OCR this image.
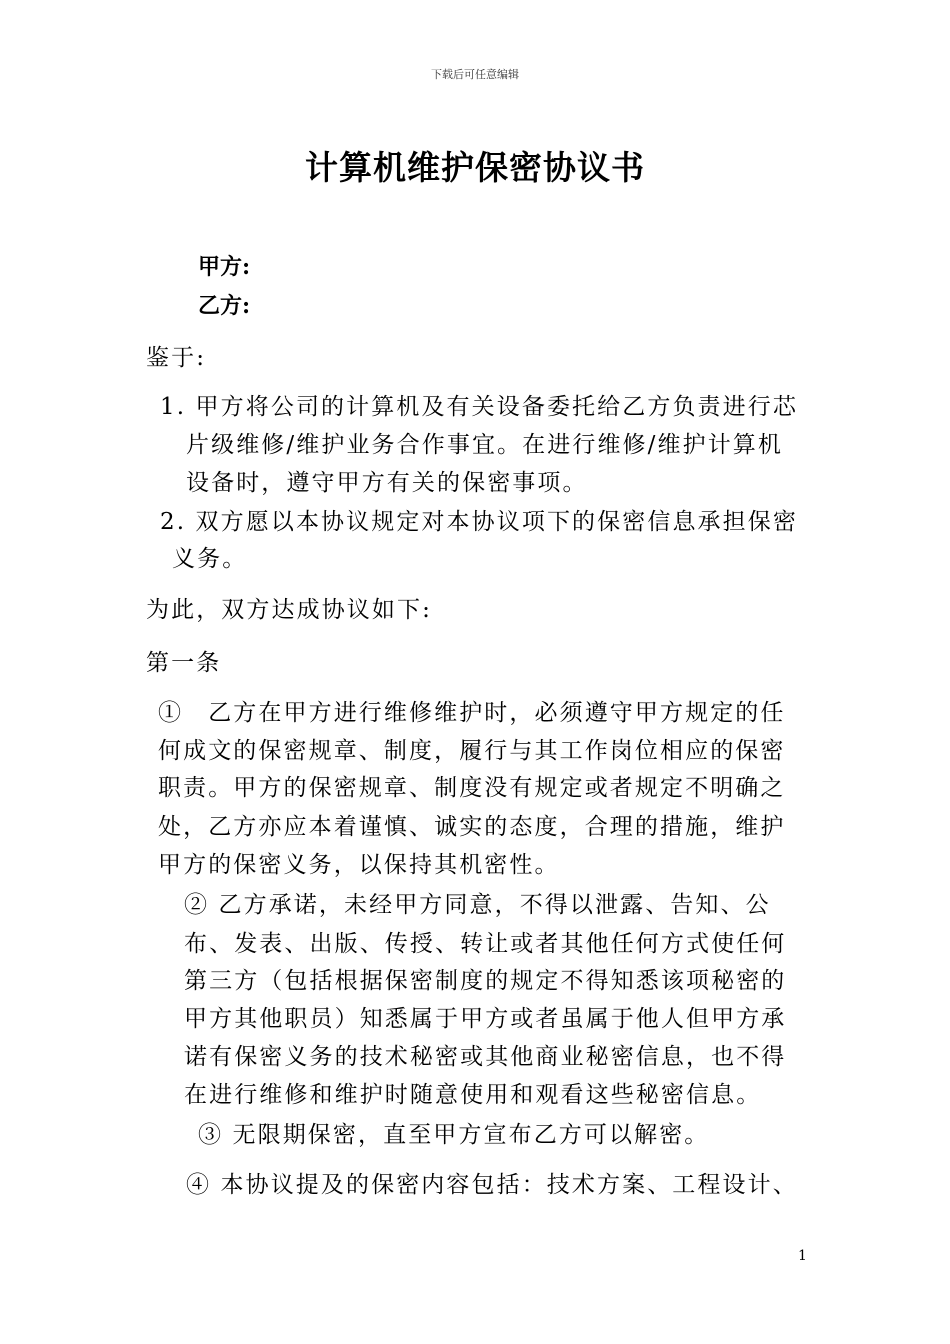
下载后可任意编辑
计算机维护保密协议书
甲方:
乙方:
鉴于:
1. 甲方将公司的计算机及有关设备委托给乙方负责进行芯
片级维修/维护业务合作事宜。在进行维修/维护计算机
设备时，遵守甲方有关的保密事项。
2. 双方愿以本协议规定对本协议项下的保密信息承担保密
义务。
为此，双方达成协议如下:
第一条
①　乙方在甲方进行维修维护时，必须遵守甲方规定的任
何成文的保密规章、制度，履行与其工作岗位相应的保密
职责。甲方的保密规章、制度没有规定或者规定不明确之
处，乙方亦应本着谨慎、诚实的态度，合理的措施，维护
甲方的保密义务，以保持其机密性。
② 乙方承诺，未经甲方同意，不得以泄露、告知、公
布、发表、出版、传授、转让或者其他任何方式使任何
第三方（包括根据保密制度的规定不得知悉该项秘密的
甲方其他职员）知悉属于甲方或者虽属于他人但甲方承
诺有保密义务的技术秘密或其他商业秘密信息，也不得
在进行维修和维护时随意使用和观看这些秘密信息。
③ 无限期保密，直至甲方宣布乙方可以解密。
④ 本协议提及的保密内容包括：技术方案、工程设计、
1
